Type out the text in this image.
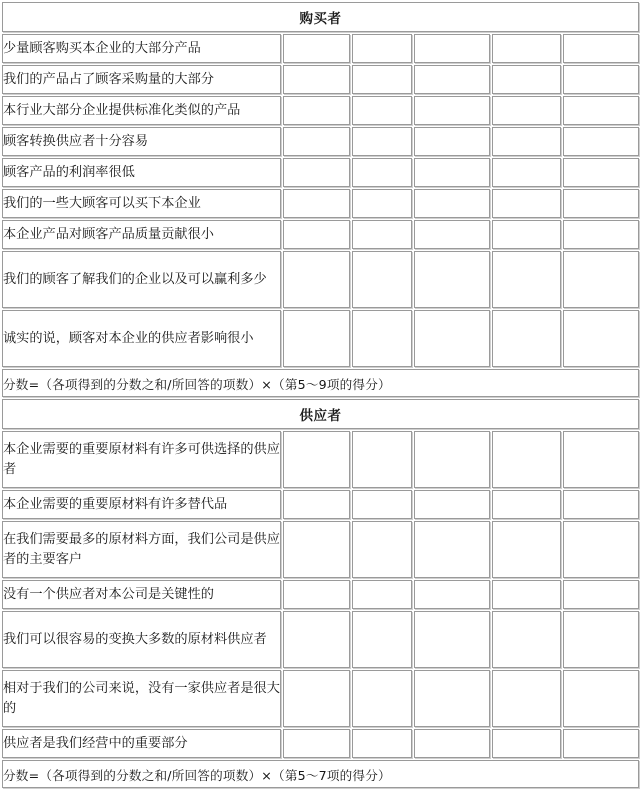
购买者					

少量顾客购买本企业的大部分产品					

我们的产品占了顾客采购量的大部分					

本行业大部分企业提供标准化类似的产品					

顾客转换供应者十分容易					

顾客产品的利润率很低					

我们的一些大顾客可以买下本企业					

本企业产品对顾客产品质量贡献很小					

我们的顾客了解我们的企业以及可以赢利多少					

诚实的说，顾客对本企业的供应者影响很小					

分数=（各项得到的分数之和/所回答的项数）×（第5～9项的得分）					
供应者					

本企业需要的重要原材料有许多可供选择的供应者					

本企业需要的重要原材料有许多替代品					

在我们需要最多的原材料方面，我们公司是供应者的主要客户					

没有一个供应者对本公司是关键性的					

我们可以很容易的变换大多数的原材料供应者					

相对于我们的公司来说，没有一家供应者是很大的					

供应者是我们经营中的重要部分					

分数=（各项得到的分数之和/所回答的项数）×（第5～7项的得分）					
